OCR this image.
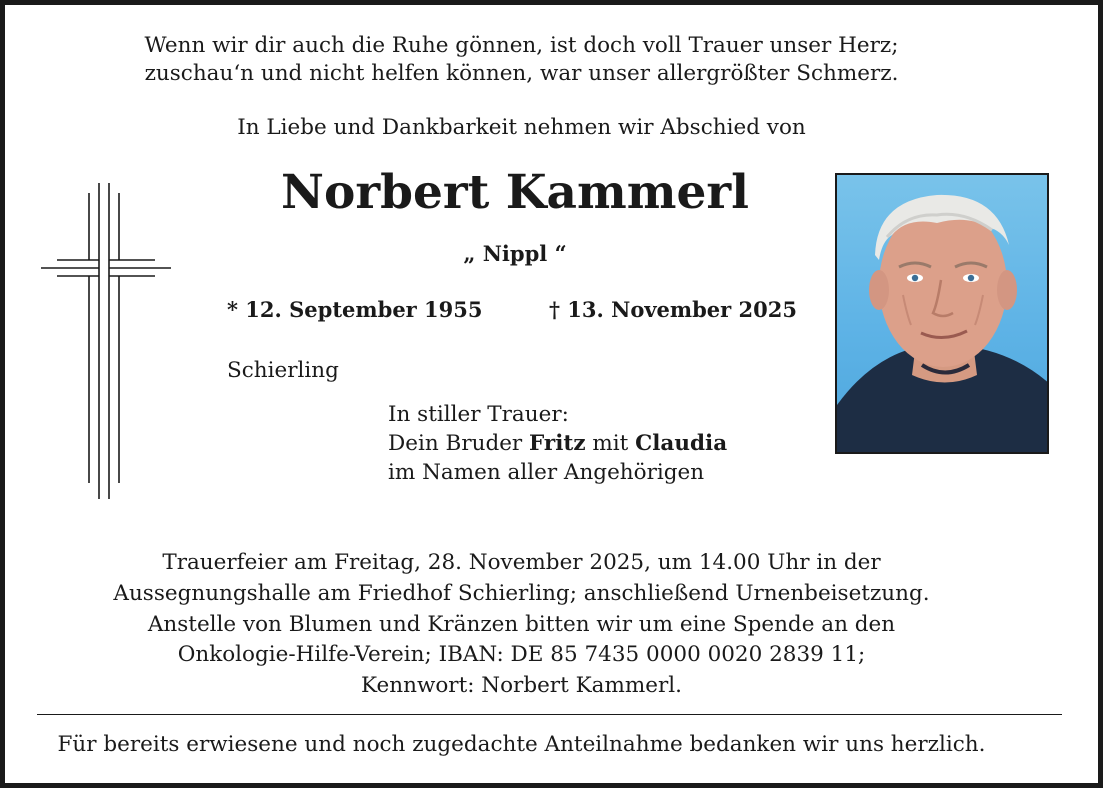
Wenn wir dir auch die Ruhe gönnen, ist doch voll Trauer unser Herz;
zuschau‘n und nicht helfen können, war unser allergrößter Schmerz.
In Liebe und Dankbarkeit nehmen wir Abschied von
Norbert Kammerl
„ Nippl “
* 12. September 1955	† 13. November 2025
Schierling
In stiller Trauer:
Dein Bruder Fritz mit Claudia
im Namen aller Angehörigen
Trauerfeier am Freitag, 28. November 2025, um 14.00 Uhr in der
Aussegnungshalle am Friedhof Schierling; anschließend Urnenbeisetzung.
Anstelle von Blumen und Kränzen bitten wir um eine Spende an den
Onkologie-Hilfe-Verein; IBAN: DE 85 7435 0000 0020 2839 11;
Kennwort: Norbert Kammerl.
Für bereits erwiesene und noch zugedachte Anteilnahme bedanken wir uns herzlich.
